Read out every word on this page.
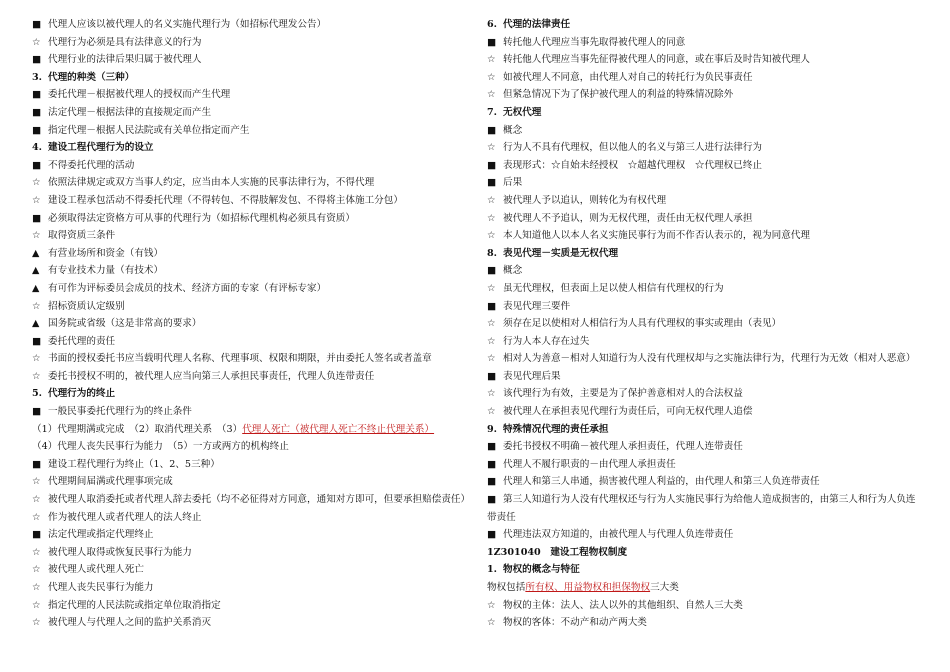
■ 代理人应该以被代理人的名义实施代理行为（如招标代理发公告）
☆ 代理行为必须是具有法律意义的行为
■ 代理行业的法律后果归属于被代理人
3. 代理的种类（三种）
■ 委托代理－根据被代理人的授权而产生代理
■ 法定代理－根据法律的直接规定而产生
■ 指定代理－根据人民法院或有关单位指定而产生
4. 建设工程代理行为的设立
■ 不得委托代理的活动
☆ 依照法律规定或双方当事人约定，应当由本人实施的民事法律行为，不得代理
☆ 建设工程承包活动不得委托代理（不得转包、不得肢解发包、不得将主体施工分包）
■ 必须取得法定资格方可从事的代理行为（如招标代理机构必须具有资质）
☆ 取得资质三条件
▲ 有营业场所和资金（有钱）
▲ 有专业技术力量（有技术）
▲ 有可作为评标委员会成员的技术、经济方面的专家（有评标专家）
☆ 招标资质认定级别
▲ 国务院或省级（这是非常高的要求）
■ 委托代理的责任
☆ 书面的授权委托书应当载明代理人名称、代理事项、权限和期限，并由委托人签名或者盖章
☆ 委托书授权不明的，被代理人应当向第三人承担民事责任，代理人负连带责任
5. 代理行为的终止
■ 一般民事委托代理行为的终止条件
（1）代理期满或完成　（2）取消代理关系　（3）代理人死亡（被代理人死亡不终止代理关系）
（4）代理人丧失民事行为能力　（5）一方或两方的机构终止
■ 建设工程代理行为终止（1、2、5三种）
☆ 代理期间届满或代理事项完成
☆ 被代理人取消委托或者代理人辞去委托（均不必征得对方同意，通知对方即可，但要承担赔偿责任）
☆ 作为被代理人或者代理人的法人终止
■ 法定代理或指定代理终止
☆ 被代理人取得或恢复民事行为能力
☆ 被代理人或代理人死亡
☆ 代理人丧失民事行为能力
☆ 指定代理的人民法院或指定单位取消指定
☆ 被代理人与代理人之间的监护关系消灭
6. 代理的法律责任
■ 转托他人代理应当事先取得被代理人的同意
☆ 转托他人代理应当事先征得被代理人的同意，或在事后及时告知被代理人
☆ 如被代理人不同意，由代理人对自己的转托行为负民事责任
☆ 但紧急情况下为了保护被代理人的利益的特殊情况除外
7. 无权代理
■ 概念
☆ 行为人不具有代理权，但以他人的名义与第三人进行法律行为
■ 表现形式：☆自始未经授权　☆超越代理权　☆代理权已终止
■ 后果
☆ 被代理人予以追认，则转化为有权代理
☆ 被代理人不予追认，则为无权代理，责任由无权代理人承担
☆ 本人知道他人以本人名义实施民事行为而不作否认表示的，视为同意代理
8. 表见代理－实质是无权代理
■ 概念
☆ 虽无代理权，但表面上足以使人相信有代理权的行为
■ 表见代理三要件
☆ 须存在足以使相对人相信行为人具有代理权的事实或理由（表见）
☆ 行为人本人存在过失
☆ 相对人为善意－相对人知道行为人没有代理权却与之实施法律行为，代理行为无效（相对人恶意）
■ 表见代理后果
☆ 该代理行为有效，主要是为了保护善意相对人的合法权益
☆ 被代理人在承担表见代理行为责任后，可向无权代理人追偿
9. 特殊情况代理的责任承担
■ 委托书授权不明确－被代理人承担责任，代理人连带责任
■ 代理人不履行职责的－由代理人承担责任
■ 代理人和第三人串通，损害被代理人利益的，由代理人和第三人负连带责任
■ 第三人知道行为人没有代理权还与行为人实施民事行为给他人造成损害的，由第三人和行为人负连带责任
■ 代理违法双方知道的，由被代理人与代理人负连带责任
1Z301040　建设工程物权制度
1. 物权的概念与特征
物权包括所有权、用益物权和担保物权三大类
☆ 物权的主体：法人、法人以外的其他组织、自然人三大类
☆ 物权的客体：不动产和动产两大类
